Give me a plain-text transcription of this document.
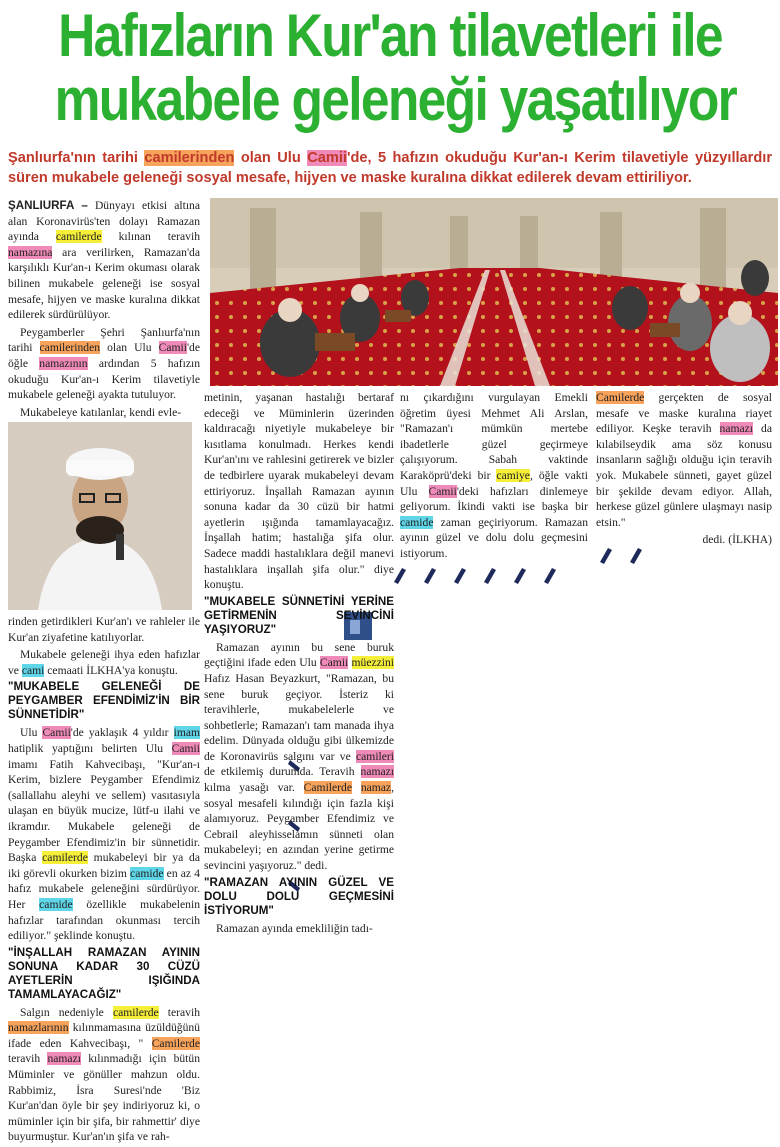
Hafızların Kur'an tilavetleri ile
mukabele geleneği yaşatılıyor
Şanlıurfa'nın tarihi camilerinden olan Ulu Camii'de, 5 hafızın okuduğu Kur'an-ı Kerim tilavetiyle yüzyıllardır süren mukabele geleneği sosyal mesafe, hijyen ve maske kuralına dikkat edilerek devam ettiriliyor.

ŞANLIURFA – Dünyayı etkisi altına alan Koronavirüs'ten dolayı Ramazan ayında camilerde kılınan teravih namazına ara verilirken, Ramazan'da karşılıklı Kur'an-ı Kerim okuması olarak bilinen mukabele geleneği ise sosyal mesafe, hijyen ve maske kuralına dikkat edilerek sürdürülüyor.

Peygamberler Şehri Şanlıurfa'nın tarihi camilerinden olan Ulu Camii'de öğle namazının ardından 5 hafızın okuduğu Kur'an-ı Kerim tilavetiyle mukabele geleneği ayakta tutuluyor.

Mukabeleye katılanlar, kendi evle-

rinden getirdikleri Kur'an'ı ve rahleler ile Kur'an ziyafetine katılıyorlar.

Mukabele geleneği ihya eden hafızlar ve cami cemaati İLKHA'ya konuştu.

"MUKABELE GELENEĞİ DE PEYGAMBER EFENDİMİZ'İN BİR SÜNNETİDİR"

Ulu Camii'de yaklaşık 4 yıldır imam hatiplik yaptığını belirten Ulu Camii imamı Fatih Kahvecibaşı, "Kur'an-ı Kerim, bizlere Peygamber Efendimiz (sallallahu aleyhi ve sellem) vasıtasıyla ulaşan en büyük mucize, lütf-u ilahi ve ikramdır. Mukabele geleneği de Peygamber Efendimiz'in bir sünnetidir. Başka camilerde mukabeleyi bir ya da iki görevli okurken bizim camide en az 4 hafız mukabele geleneğini sürdürüyor. Her camide özellikle mukabelenin hafızlar tarafından okunması tercih ediliyor." şeklinde konuştu.

"İNŞALLAH RAMAZAN AYININ SONUNA KADAR 30 CÜZÜ AYETLERİN IŞIĞINDA TAMAMLAYACAĞIZ"

Salgın nedeniyle camilerde teravih namazlarının kılınmamasına üzüldüğünü ifade eden Kahvecibaşı, " Camilerde teravih namazı kılınmadığı için bütün Müminler ve gönüller mahzun oldu. Rabbimiz, İsra Suresi'nde 'Biz Kur'an'dan öyle bir şey indiriyoruz ki, o müminler için bir şifa, bir rahmettir' diye buyurmuştur. Kur'an'ın şifa ve rah-

metinin, yaşanan hastalığı bertaraf edeceği ve Müminlerin üzerinden kaldıracağı niyetiyle mukabeleye bir kısıtlama konulmadı. Herkes kendi Kur'an'ını ve rahlesini getirerek ve bizler de tedbirlere uyarak mukabeleyi devam ettiriyoruz. İnşallah Ramazan ayının sonuna kadar da 30 cüzü bir hatmi ayetlerin ışığında tamamlayacağız. İnşallah hatim; hastalığa şifa olur. Sadece maddi hastalıklara değil manevi hastalıklara inşallah şifa olur." diye konuştu.

"MUKABELE SÜNNETİNİ YERİNE GETİRMENİN SEVİNCİNİ YAŞIYORUZ"

Ramazan ayının bu sene buruk geçtiğini ifade eden Ulu Camii müezzini Hafız Hasan Beyazkurt, "Ramazan, bu sene buruk geçiyor. İsteriz ki teravihlerle, mukabelelerle ve sohbetlerle; Ramazan'ı tam manada ihya edelim. Dünyada olduğu gibi ülkemizde de Koronavirüs salgını var ve camileri de etkilemiş durumda. Teravih namazı kılma yasağı var. Camilerde namaz, sosyal mesafeli kılındığı için fazla kişi alamıyoruz. Peygamber Efendimiz ve Cebrail aleyhisselamın sünneti olan mukabeleyi; en azından yerine getirme sevincini yaşıyoruz." dedi.

"RAMAZAN AYININ GÜZEL VE DOLU DOLU GEÇMESİNİ İSTİYORUM"

Ramazan ayında emekliliğin tadı-

nı çıkardığını vurgulayan Emekli öğretim üyesi Mehmet Ali Arslan, "Ramazan'ı mümkün mertebe ibadetlerle güzel geçirmeye çalışıyorum. Sabah vaktinde Karaköprü'deki bir camiye, öğle vakti Ulu Camii'deki hafızları dinlemeye geliyorum. İkindi vakti ise başka bir camide zaman geçiriyorum. Ramazan ayının güzel ve dolu dolu geçmesini istiyorum.

Camilerde gerçekten de sosyal mesafe ve maske kuralına riayet ediliyor. Keşke teravih namazı da kılabilseydik ama söz konusu insanların sağlığı olduğu için teravih yok. Mukabele sünneti, gayet güzel bir şekilde devam ediyor. Allah, herkese güzel günlere ulaşmayı nasip etsin."

dedi. (İLKHA)
